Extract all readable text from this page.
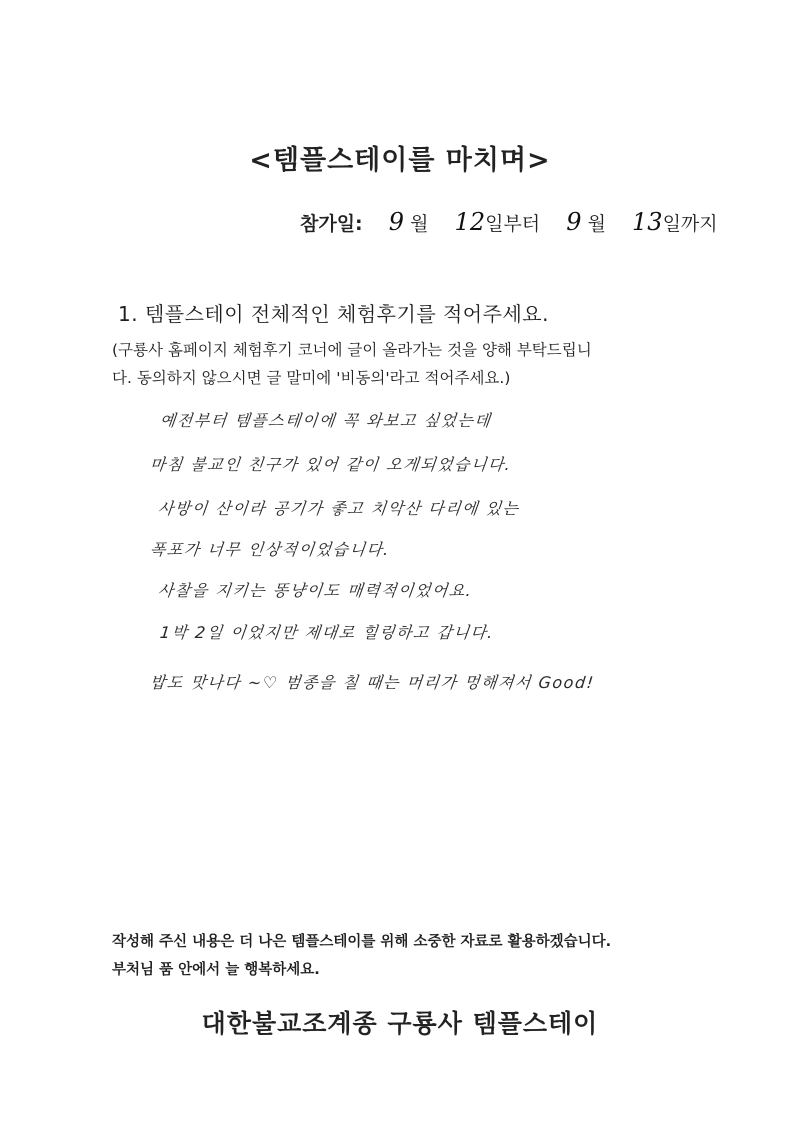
<템플스테이를 마치며>
참가일: 9 월 12일부터 9 월 13일까지
1. 템플스테이 전체적인 체험후기를 적어주세요.
(구룡사 홈페이지 체험후기 코너에 글이 올라가는 것을 양해 부탁드립니
다. 동의하지 않으시면 글 말미에 '비동의'라고 적어주세요.)
예전부터 템플스테이에 꼭 와보고 싶었는데
마침 불교인 친구가 있어 같이 오게되었습니다.
사방이 산이라 공기가 좋고 치악산 다리에 있는
폭포가 너무 인상적이었습니다.
사찰을 지키는 똥냥이도 매력적이었어요.
1박 2일 이었지만 제대로 힐링하고 갑니다.
밥도 맛나다 ~♡ 범종을 칠 때는 머리가 멍해져서 Good!
작성해 주신 내용은 더 나은 템플스테이를 위해 소중한 자료로 활용하겠습니다.
부처님 품 안에서 늘 행복하세요.
대한불교조계종 구룡사 템플스테이
